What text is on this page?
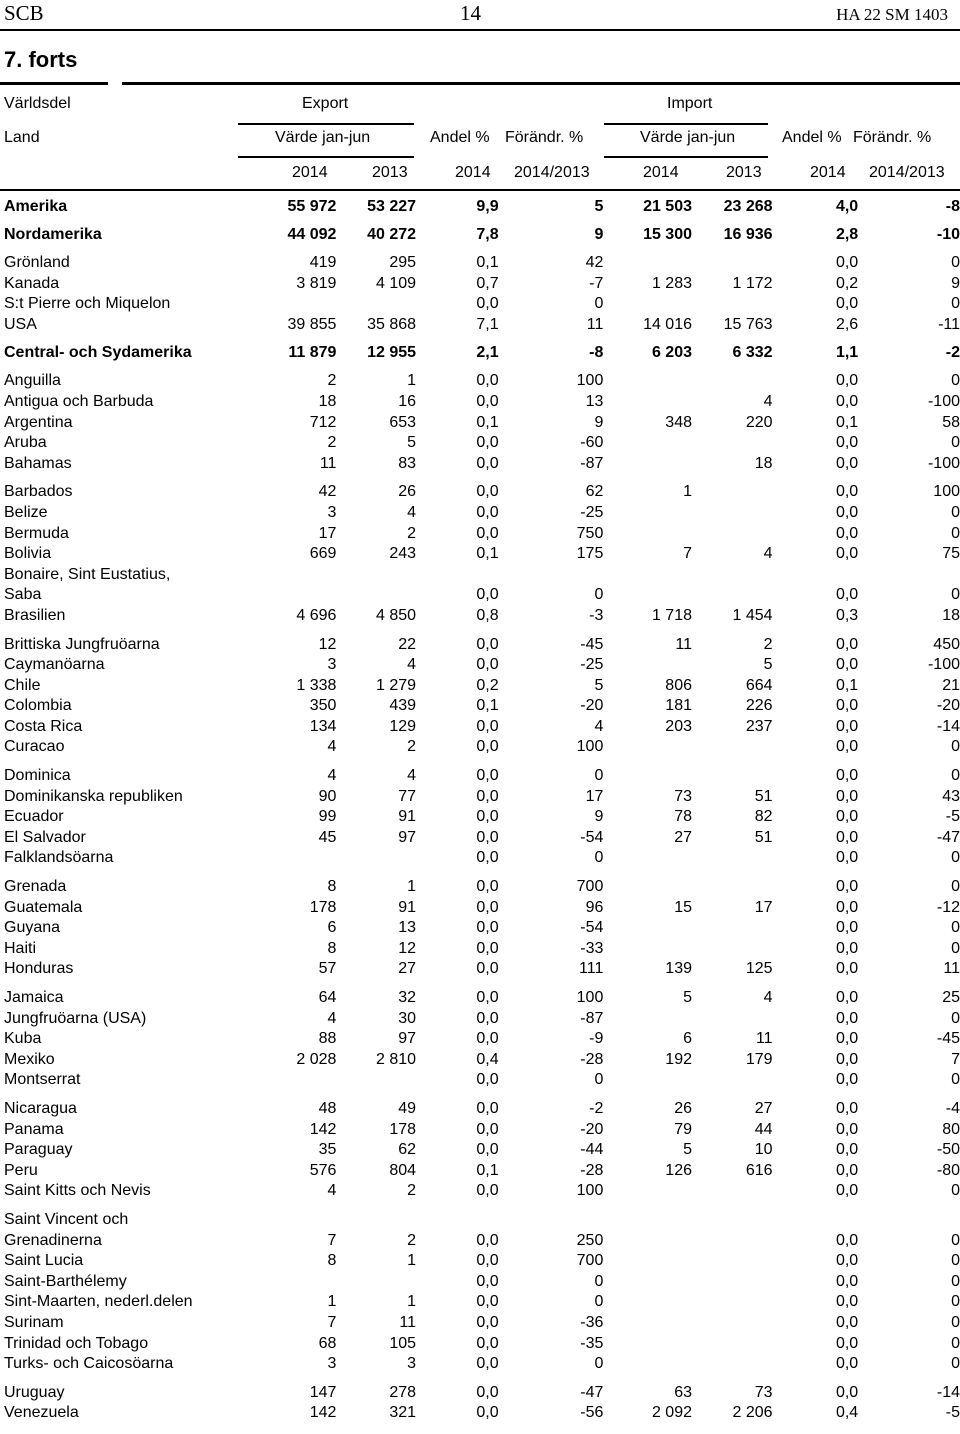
SCB	14	HA 22 SM 1403
7. forts
Världsdel	Export	Import
Land	Värde jan-jun	Andel % Förändr. %	Värde jan-jun	Andel % Förändr. %
2014	2013	2014 2014/2013	2014	2013	2014 2014/2013
Amerika	55 972	53 227	9,9	5	21 503	23 268	4,0	-8

Nordamerika	44 092	40 272	7,8	9	15 300	16 936	2,8	-10

Grönland	419	295	0,1	42			0,0	0
Kanada	3 819	4 109	0,7	-7	1 283	1 172	0,2	9
S:t Pierre och Miquelon			0,0	0			0,0	0
USA	39 855	35 868	7,1	11	14 016	15 763	2,6	-11

Central- och Sydamerika	11 879	12 955	2,1	-8	6 203	6 332	1,1	-2

Anguilla	2	1	0,0	100			0,0	0
Antigua och Barbuda	18	16	0,0	13		4	0,0	-100
Argentina	712	653	0,1	9	348	220	0,1	58
Aruba	2	5	0,0	-60			0,0	0
Bahamas	11	83	0,0	-87		18	0,0	-100

Barbados	42	26	0,0	62	1		0,0	100
Belize	3	4	0,0	-25			0,0	0
Bermuda	17	2	0,0	750			0,0	0
Bolivia	669	243	0,1	175	7	4	0,0	75
Bonaire, Sint Eustatius,								
Saba			0,0	0			0,0	0
Brasilien	4 696	4 850	0,8	-3	1 718	1 454	0,3	18

Brittiska Jungfruöarna	12	22	0,0	-45	11	2	0,0	450
Caymanöarna	3	4	0,0	-25		5	0,0	-100
Chile	1 338	1 279	0,2	5	806	664	0,1	21
Colombia	350	439	0,1	-20	181	226	0,0	-20
Costa Rica	134	129	0,0	4	203	237	0,0	-14
Curacao	4	2	0,0	100			0,0	0

Dominica	4	4	0,0	0			0,0	0
Dominikanska republiken	90	77	0,0	17	73	51	0,0	43
Ecuador	99	91	0,0	9	78	82	0,0	-5
El Salvador	45	97	0,0	-54	27	51	0,0	-47
Falklandsöarna			0,0	0			0,0	0

Grenada	8	1	0,0	700			0,0	0
Guatemala	178	91	0,0	96	15	17	0,0	-12
Guyana	6	13	0,0	-54			0,0	0
Haiti	8	12	0,0	-33			0,0	0
Honduras	57	27	0,0	111	139	125	0,0	11

Jamaica	64	32	0,0	100	5	4	0,0	25
Jungfruöarna (USA)	4	30	0,0	-87			0,0	0
Kuba	88	97	0,0	-9	6	11	0,0	-45
Mexiko	2 028	2 810	0,4	-28	192	179	0,0	7
Montserrat			0,0	0			0,0	0

Nicaragua	48	49	0,0	-2	26	27	0,0	-4
Panama	142	178	0,0	-20	79	44	0,0	80
Paraguay	35	62	0,0	-44	5	10	0,0	-50
Peru	576	804	0,1	-28	126	616	0,0	-80
Saint Kitts och Nevis	4	2	0,0	100			0,0	0

Saint Vincent och								
Grenadinerna	7	2	0,0	250			0,0	0
Saint Lucia	8	1	0,0	700			0,0	0
Saint-Barthélemy			0,0	0			0,0	0
Sint-Maarten, nederl.delen	1	1	0,0	0			0,0	0
Surinam	7	11	0,0	-36			0,0	0
Trinidad och Tobago	68	105	0,0	-35			0,0	0
Turks- och Caicosöarna	3	3	0,0	0			0,0	0

Uruguay	147	278	0,0	-47	63	73	0,0	-14
Venezuela	142	321	0,0	-56	2 092	2 206	0,4	-5
